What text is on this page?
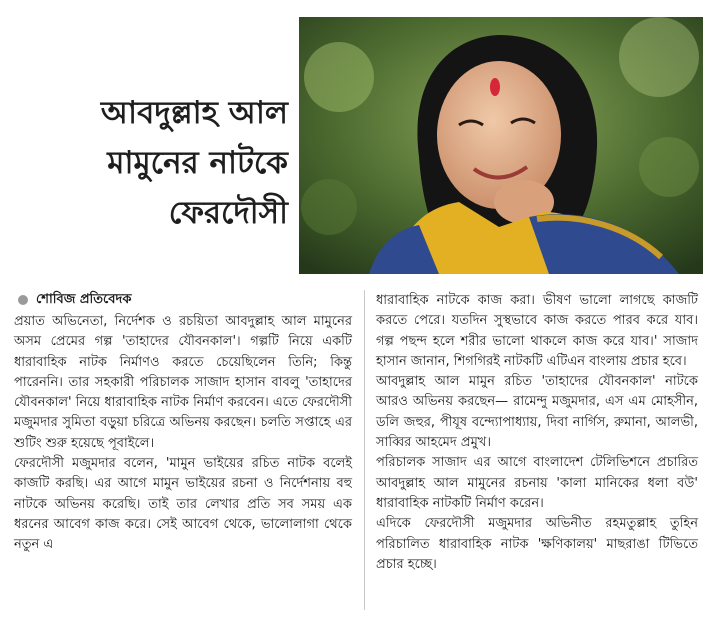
আবদুল্লাহ আল মামুনের নাটকে ফেরদৌসী
শোবিজ প্রতিবেদক

প্রয়াত অভিনেতা, নির্দেশক ও রচয়িতা আবদুল্লাহ আল মামুনের অসম প্রেমের গল্প 'তাহাদের যৌবনকাল'। গল্পটি নিয়ে একটি ধারাবাহিক নাটক নির্মাণও করতে চেয়েছিলেন তিনি; কিন্তু পারেননি। তার সহকারী পরিচালক সাজাদ হাসান বাবলু 'তাহাদের যৌবনকাল' নিয়ে ধারাবাহিক নাটক নির্মাণ করবেন। এতে ফেরদৌসী মজুমদার সুমিতা বড়ুয়া চরিত্রে অভিনয় করছেন। চলতি সপ্তাহে এর শুটিং শুরু হয়েছে পূবাইলে।

ফেরদৌসী মজুমদার বলেন, 'মামুন ভাইয়ের রচিত নাটক বলেই কাজটি করছি। এর আগে মামুন ভাইয়ের রচনা ও নির্দেশনায় বহু নাটকে অভিনয় করেছি। তাই তার লেখার প্রতি সব সময় এক ধরনের আবেগ কাজ করে। সেই আবেগ থেকে, ভালোলাগা থেকে নতুন এ

ধারাবাহিক নাটকে কাজ করা। ভীষণ ভালো লাগছে কাজটি করতে পেরে। যতদিন সুস্থভাবে কাজ করতে পারব করে যাব। গল্প পছন্দ হলে শরীর ভালো থাকলে কাজ করে যাব।' সাজাদ হাসান জানান, শিগগিরই নাটকটি এটিএন বাংলায় প্রচার হবে।

আবদুল্লাহ আল মামুন রচিত 'তাহাদের যৌবনকাল' নাটকে আরও অভিনয় করছেন— রামেন্দু মজুমদার, এস এম মোহসীন, ডলি জহুর, পীযূষ বন্দ্যোপাধ্যায়, দিবা নার্গিস, রুমানা, আলভী, সাব্বির আহমেদ প্রমুখ।

পরিচালক সাজাদ এর আগে বাংলাদেশ টেলিভিশনে প্রচারিত আবদুল্লাহ আল মামুনের রচনায় 'কালা মানিকের ধলা বউ' ধারাবাহিক নাটকটি নির্মাণ করেন।

এদিকে ফেরদৌসী মজুমদার অভিনীত রহমতুল্লাহ তুহিন পরিচালিত ধারাবাহিক নাটক 'ক্ষণিকালয়' মাছরাঙা টিভিতে প্রচার হচ্ছে।
